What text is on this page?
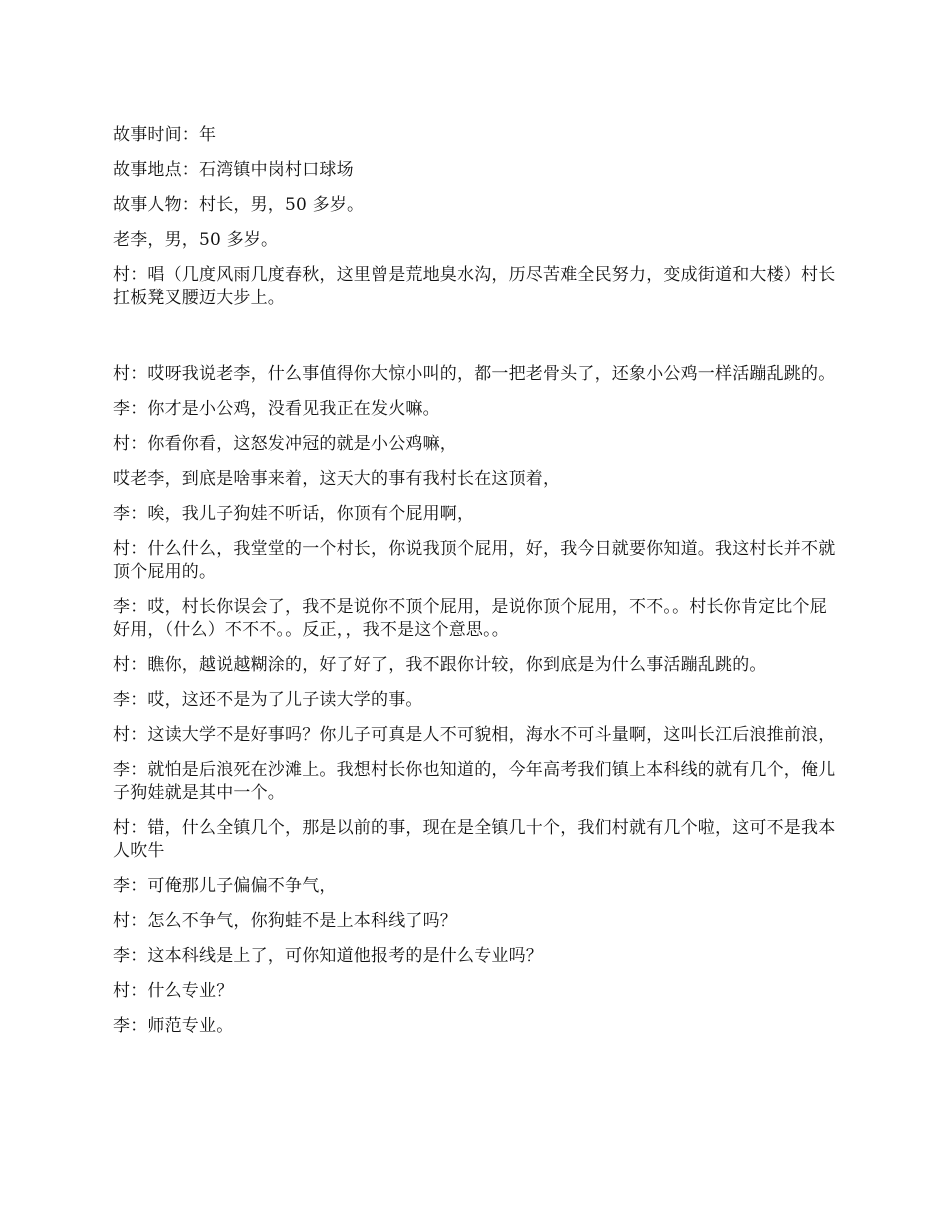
故事时间：年

故事地点：石湾镇中岗村口球场

故事人物：村长，男，50 多岁。

老李，男，50 多岁。

村：唱（几度风雨几度春秋，这里曾是荒地臭水沟，历尽苦难全民努力，变成街道和大楼）村长扛板凳叉腰迈大步上。

村：哎呀我说老李，什么事值得你大惊小叫的，都一把老骨头了，还象小公鸡一样活蹦乱跳的。

李：你才是小公鸡，没看见我正在发火嘛。

村：你看你看，这怒发冲冠的就是小公鸡嘛，

哎老李，到底是啥事来着，这天大的事有我村长在这顶着，

李：唉，我儿子狗娃不听话，你顶有个屁用啊，

村：什么什么，我堂堂的一个村长，你说我顶个屁用，好，我今日就要你知道。我这村长并不就顶个屁用的。

李：哎，村长你误会了，我不是说你不顶个屁用，是说你顶个屁用，不不。。村长你肯定比个屁好用，（什么）不不不。。反正，，我不是这个意思。。

村：瞧你，越说越糊涂的，好了好了，我不跟你计较，你到底是为什么事活蹦乱跳的。

李：哎，这还不是为了儿子读大学的事。

村：这读大学不是好事吗？你儿子可真是人不可貌相，海水不可斗量啊，这叫长江后浪推前浪，

李：就怕是后浪死在沙滩上。我想村长你也知道的，今年高考我们镇上本科线的就有几个，俺儿子狗娃就是其中一个。

村：错，什么全镇几个，那是以前的事，现在是全镇几十个，我们村就有几个啦，这可不是我本人吹牛

李：可俺那儿子偏偏不争气，

村：怎么不争气，你狗蛙不是上本科线了吗？

李：这本科线是上了，可你知道他报考的是什么专业吗？

村：什么专业？

李：师范专业。
